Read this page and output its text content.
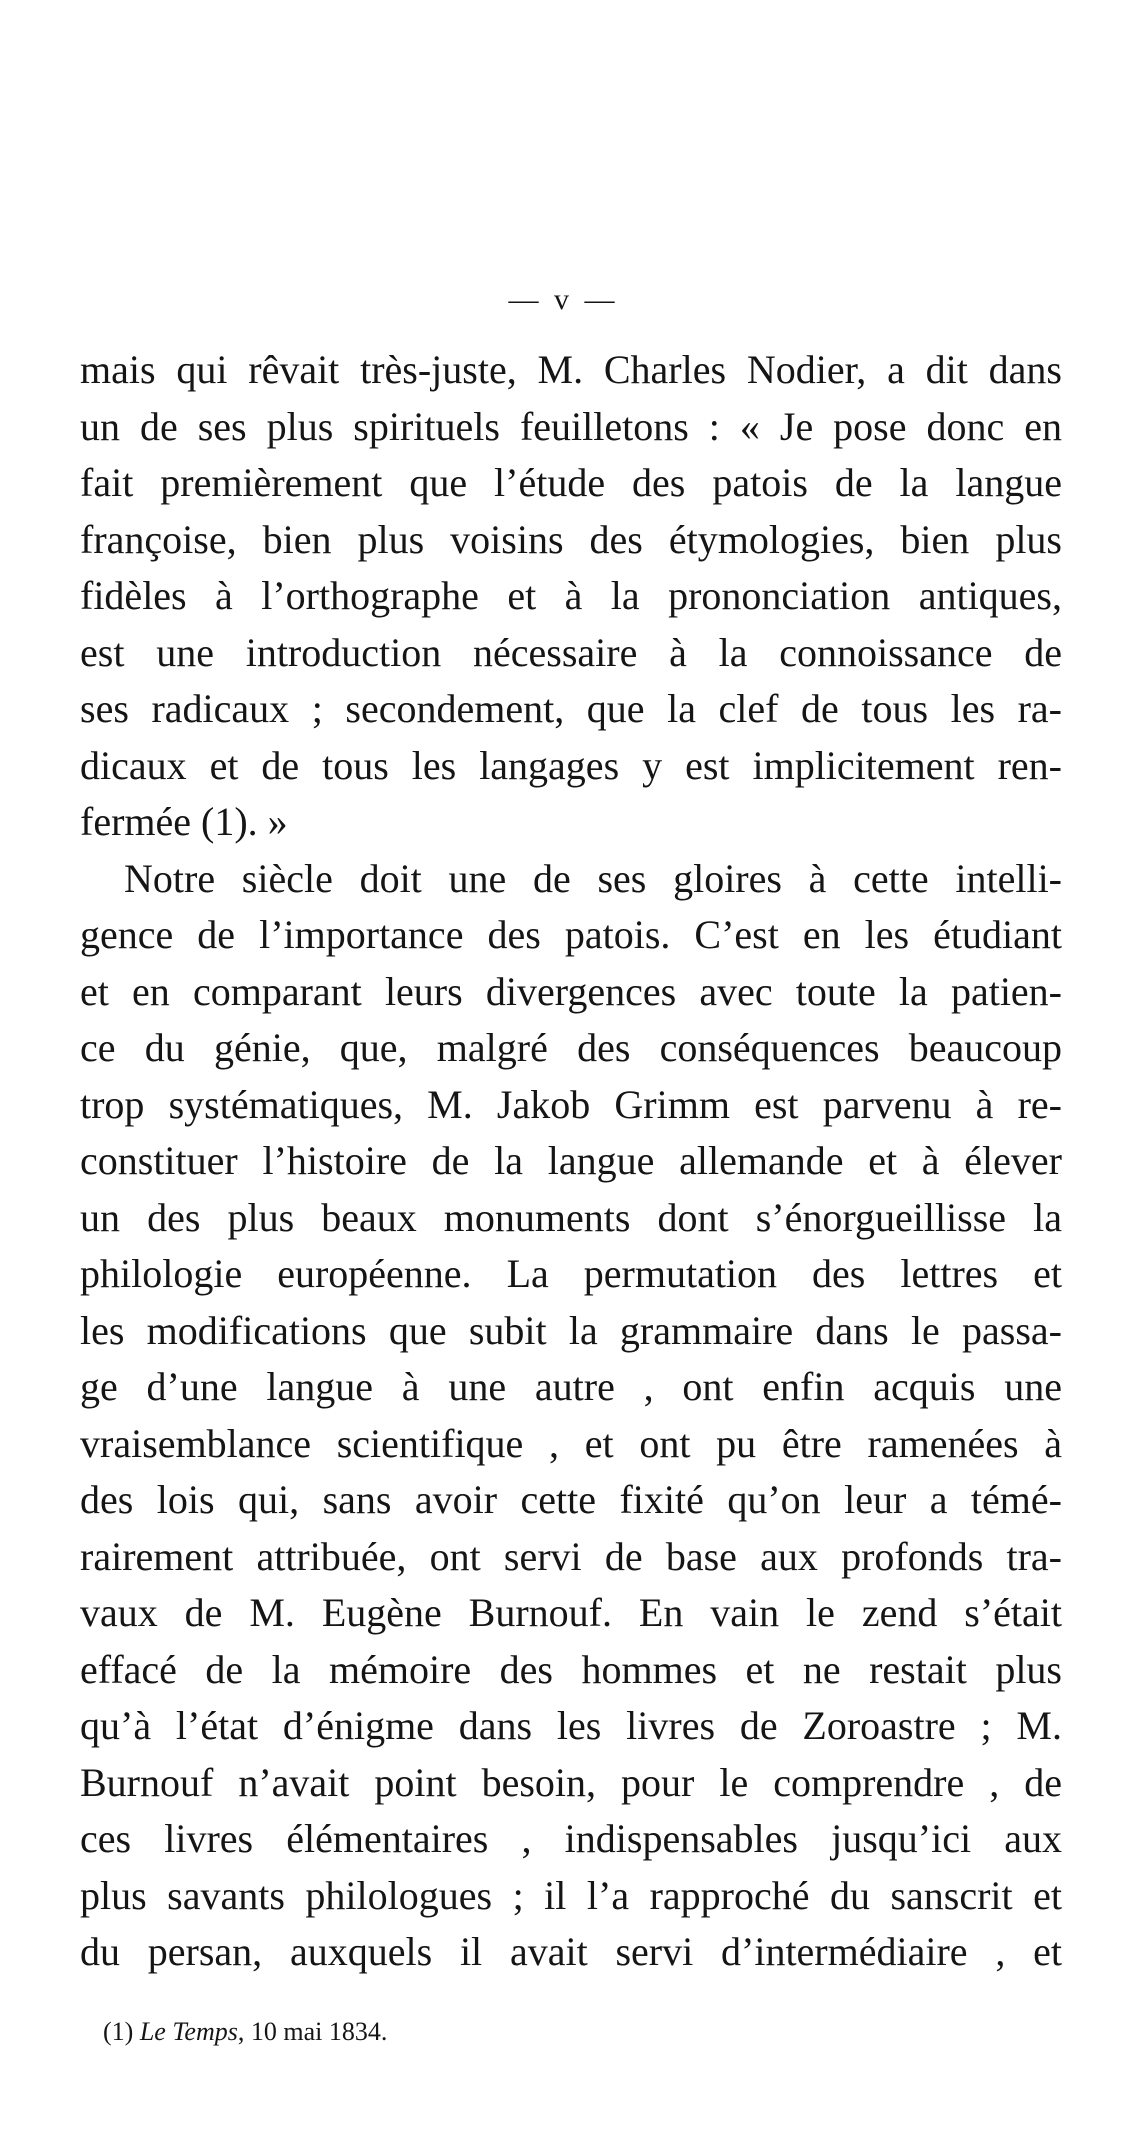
— v —
mais qui rêvait très-juste, M. Charles Nodier, a dit dans
un de ses plus spirituels feuilletons : « Je pose donc en
fait premièrement que l’étude des patois de la langue
françoise, bien plus voisins des étymologies, bien plus
fidèles à l’orthographe et à la prononciation antiques,
est une introduction nécessaire à la connoissance de
ses radicaux ; secondement, que la clef de tous les ra-
dicaux et de tous les langages y est implicitement ren-
fermée (1). »
Notre siècle doit une de ses gloires à cette intelli-
gence de l’importance des patois. C’est en les étudiant
et en comparant leurs divergences avec toute la patien-
ce du génie, que, malgré des conséquences beaucoup
trop systématiques, M. Jakob Grimm est parvenu à re-
constituer l’histoire de la langue allemande et à élever
un des plus beaux monuments dont s’énorgueillisse la
philologie européenne. La permutation des lettres et
les modifications que subit la grammaire dans le passa-
ge d’une langue à une autre , ont enfin acquis une
vraisemblance scientifique , et ont pu être ramenées à
des lois qui, sans avoir cette fixité qu’on leur a témé-
rairement attribuée, ont servi de base aux profonds tra-
vaux de M. Eugène Burnouf. En vain le zend s’était
effacé de la mémoire des hommes et ne restait plus
qu’à l’état d’énigme dans les livres de Zoroastre ; M.
Burnouf n’avait point besoin, pour le comprendre , de
ces livres élémentaires , indispensables jusqu’ici aux
plus savants philologues ; il l’a rapproché du sanscrit et
du persan, auxquels il avait servi d’intermédiaire , et
(1) Le Temps, 10 mai 1834.
